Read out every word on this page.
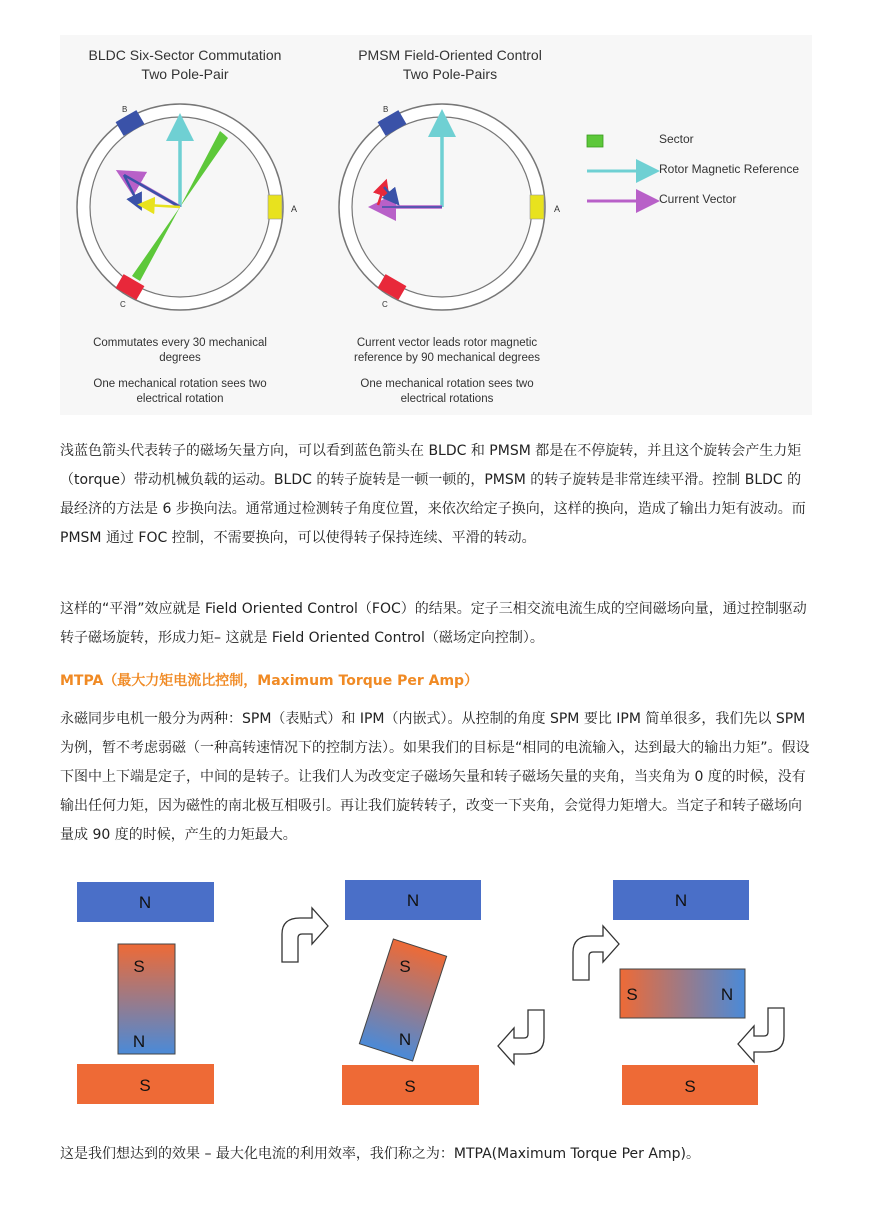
BLDC Six-Sector Commutation
Two Pole-Pair
PMSM Field-Oriented Control
Two Pole-Pairs
A
B
C
A
B
C
Sector
Rotor Magnetic Reference
Current Vector
Commutates every 30 mechanical
degrees
One mechanical rotation sees two
electrical rotation
Current vector leads rotor magnetic
reference by 90 mechanical degrees
One mechanical rotation sees two
electrical rotations

浅蓝色箭头代表转子的磁场矢量方向，可以看到蓝色箭头在 BLDC 和 PMSM 都是在不停旋转，并且这个旋转会产生力矩（torque）带动机械负载的运动。BLDC 的转子旋转是一顿一顿的，PMSM 的转子旋转是非常连续平滑。控制 BLDC 的最经济的方法是 6 步换向法。通常通过检测转子角度位置，来依次给定子换向，这样的换向，造成了输出力矩有波动。而 PMSM 通过 FOC 控制，不需要换向，可以使得转子保持连续、平滑的转动。

这样的“平滑”效应就是 Field Oriented Control（FOC）的结果。定子三相交流电流生成的空间磁场向量，通过控制驱动转子磁场旋转，形成力矩– 这就是 Field Oriented Control（磁场定向控制）。

MTPA（最大力矩电流比控制，Maximum Torque Per Amp）

永磁同步电机一般分为两种：SPM（表贴式）和 IPM（内嵌式）。从控制的角度 SPM 要比 IPM 简单很多，我们先以 SPM 为例，暂不考虑弱磁（一种高转速情况下的控制方法）。如果我们的目标是“相同的电流输入，达到最大的输出力矩”。假设下图中上下端是定子，中间的是转子。让我们人为改变定子磁场矢量和转子磁场矢量的夹角，当夹角为 0 度的时候，没有输出任何力矩，因为磁性的南北极互相吸引。再让我们旋转转子，改变一下夹角，会觉得力矩增大。当定子和转子磁场向量成 90 度的时候，产生的力矩最大。

N
S
N
S
N
S
N
S
N
S	N
S

这是我们想达到的效果 – 最大化电流的利用效率，我们称之为：MTPA(Maximum Torque Per Amp)。
